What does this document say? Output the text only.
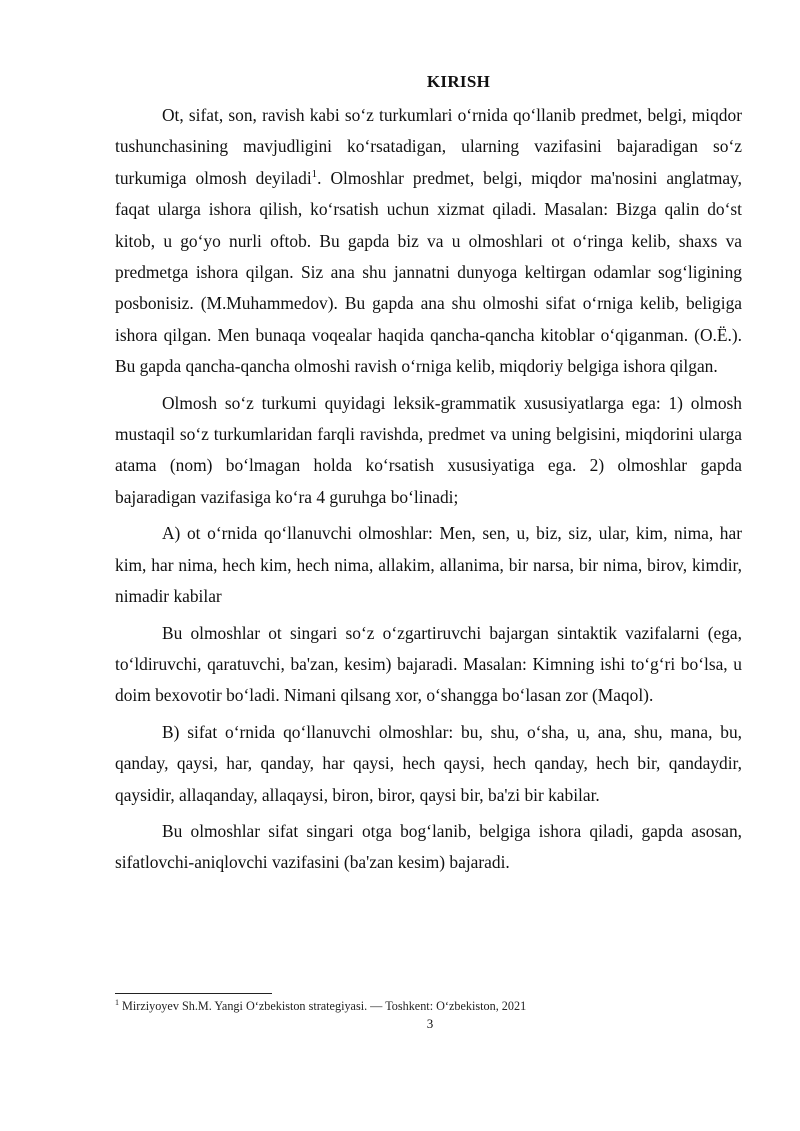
KIRISH

Ot, sifat, son, ravish kabi so‘z turkumlari o‘rnida qo‘llanib predmet, belgi, miqdor tushunchasining mavjudligini ko‘rsatadigan, ularning vazifasini bajaradigan so‘z turkumiga olmosh deyiladi$^1$. Olmoshlar predmet, belgi, miqdor ma'nosini anglatmay, faqat ularga ishora qilish, ko‘rsatish uchun xizmat qiladi. Masalan: Bizga qalin do‘st kitob, u go‘yo nurli oftob. Bu gapda biz va u olmoshlari ot o‘ringa kelib, shaxs va predmetga ishora qilgan. Siz ana shu jannatni dunyoga keltirgan odamlar sog‘ligining posbonisiz. (M.Muhammedov). Bu gapda ana shu olmoshi sifat o‘rniga kelib, beligiga ishora qilgan. Men bunaqa voqealar haqida qancha-qancha kitoblar o‘qiganman. (O.Ё.). Bu gapda qancha-qancha olmoshi ravish o‘rniga kelib, miqdoriy belgiga ishora qilgan.

Olmosh so‘z turkumi quyidagi leksik-grammatik xususiyatlarga ega: 1) olmosh mustaqil so‘z turkumlaridan farqli ravishda, predmet va uning belgisini, miqdorini ularga atama (nom) bo‘lmagan holda ko‘rsatish xususiyatiga ega. 2) olmoshlar gapda bajaradigan vazifasiga ko‘ra 4 guruhga bo‘linadi;

A) ot o‘rnida qo‘llanuvchi olmoshlar: Men, sen, u, biz, siz, ular, kim, nima, har kim, har nima, hech kim, hech nima, allakim, allanima, bir narsa, bir nima, birov, kimdir, nimadir kabilar

Bu olmoshlar ot singari so‘z o‘zgartiruvchi bajargan sintaktik vazifalarni (ega, to‘ldiruvchi, qaratuvchi, ba'zan, kesim) bajaradi. Masalan: Kimning ishi to‘g‘ri bo‘lsa, u doim bexovotir bo‘ladi. Nimani qilsang xor, o‘shangga bo‘lasan zor (Maqol).

B) sifat o‘rnida qo‘llanuvchi olmoshlar: bu, shu, o‘sha, u, ana, shu, mana, bu, qanday, qaysi, har, qanday, har qaysi, hech qaysi, hech qanday, hech bir, qandaydir, qaysidir, allaqanday, allaqaysi, biron, biror, qaysi bir, ba'zi bir kabilar.

Bu olmoshlar sifat singari otga bog‘lanib, belgiga ishora qiladi, gapda asosan, sifatlovchi-aniqlovchi vazifasini (ba'zan kesim) bajaradi.

$^1$ Mirziyoyev Sh.M. Yangi O‘zbekiston strategiyasi. — Toshkent: O‘zbekiston, 2021
3
